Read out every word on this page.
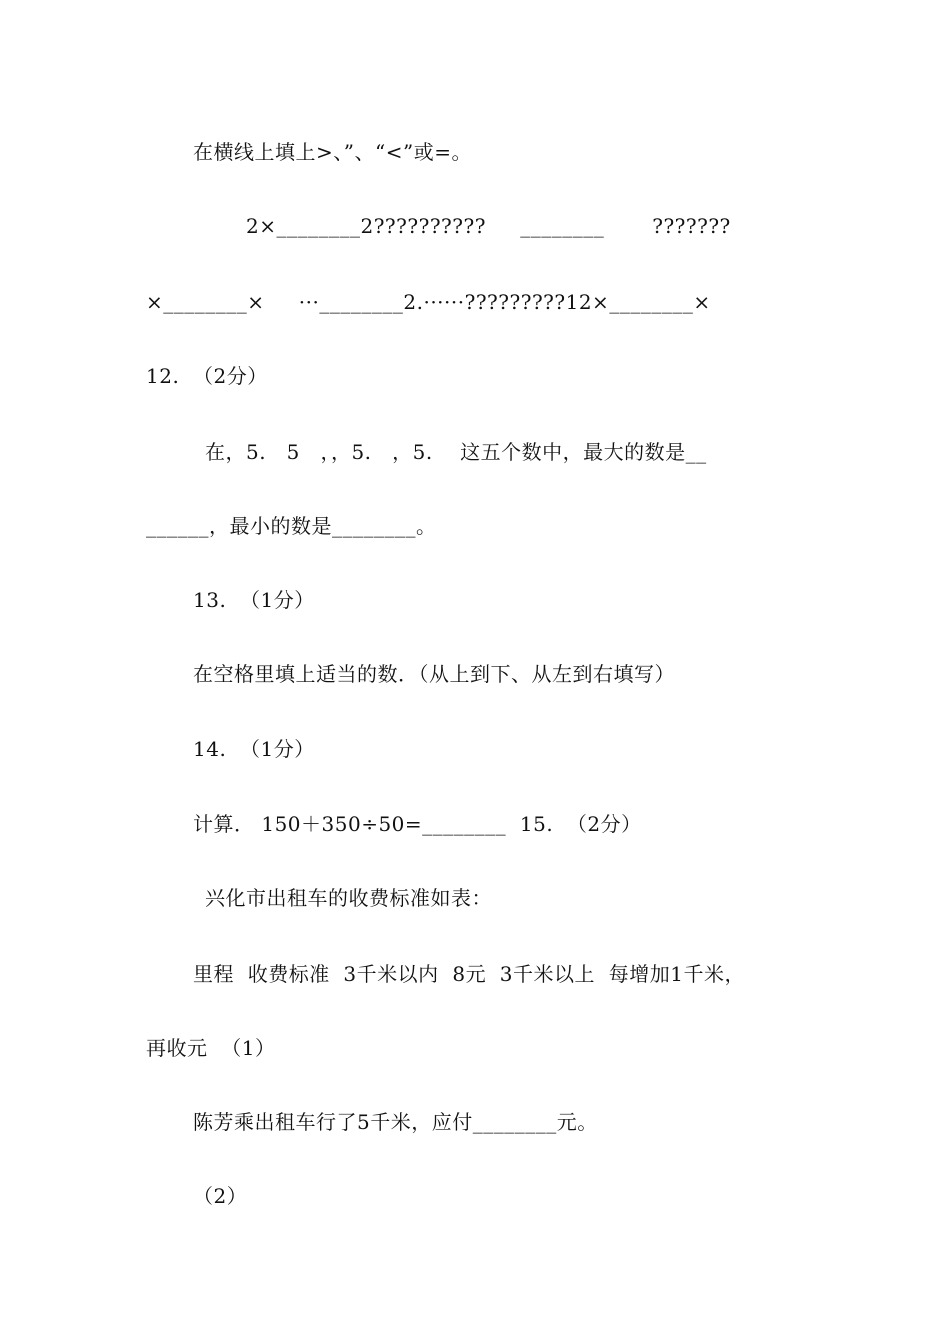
在横线上填上>、”、“<”或=。
2×________2??????????     ________       ???????
×________×     ···________2.······?????????12×________×
12.  （2分）
在，5.   5   ，，5.   ，5.    这五个数中，最大的数是__
______，最小的数是________。
13.  （1分）
在空格里填上适当的数．（从上到下、从左到右填写）
14.  （1分）
计算． 150＋350÷50=________  15.  （2分）
兴化市出租车的收费标准如表：
里程  收费标准  3千米以内  8元  3千米以上  每增加1千米，
再收元  （1）
陈芳乘出租车行了5千米，应付________元。
（2）
